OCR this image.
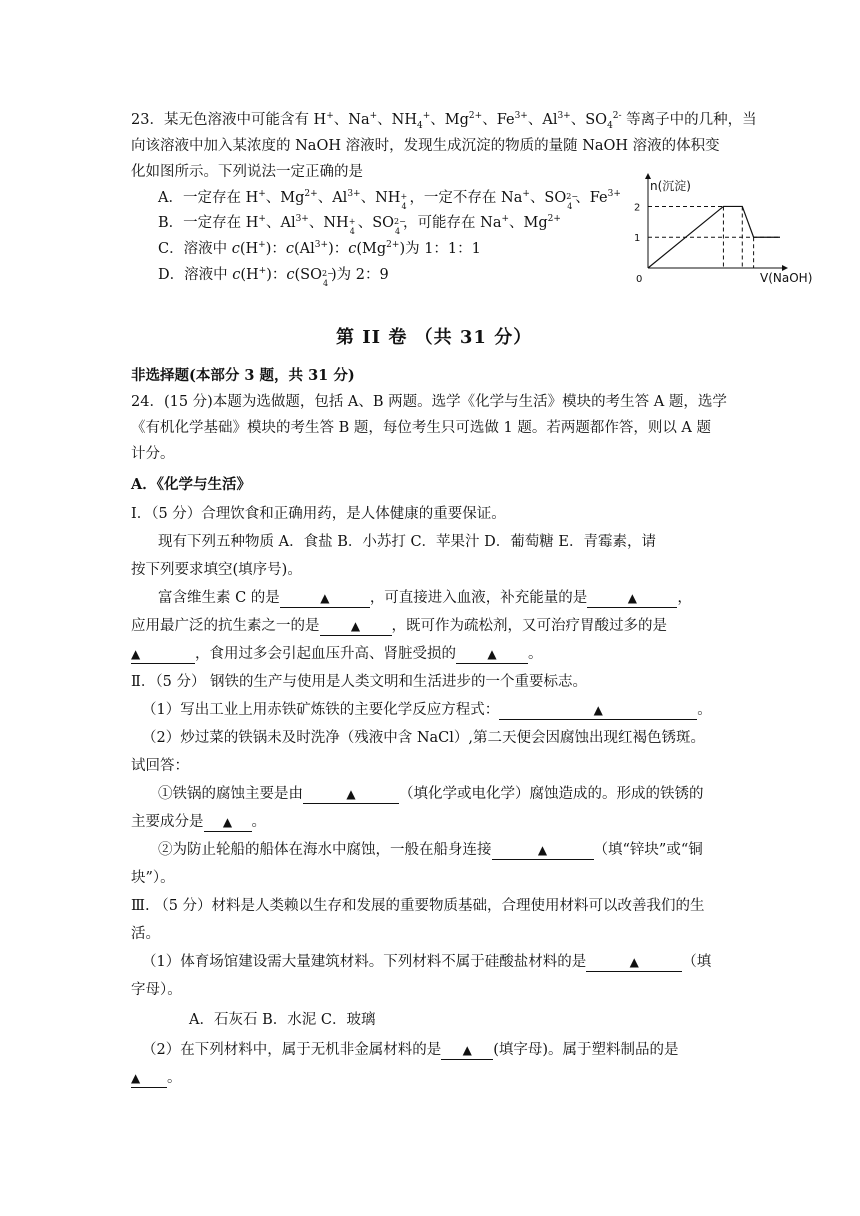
23．某无色溶液中可能含有 H+、Na+、$NH_4^+$、$Mg^{2+}$、$Fe^{3+}$、$Al^{3+}$、$SO_4^{2-}$ 等离子中的几种，当
向该溶液中加入某浓度的 NaOH 溶液时，发现生成沉淀的物质的量随 NaOH 溶液的体积变
化如图所示。下列说法一定正确的是
A．一定存在 H+、$Mg^{2+}$、$Al^{3+}$、NH +
4
，一定不存在 Na+、SO 2−
4
、$Fe^{3+}$
B．一定存在 H+、$Al^{3+}$、NH +
4
、SO 2−
4
，可能存在 Na+、$Mg^{2+}$
C．溶液中 c(H+)：$c(Al^{3+})$：$c(Mg^{2+})$为 1：1：1
D．溶液中 c(H+)：c(SO 2−
4
)为 2：9
n(沉淀)
V(NaOH)
0
1
2
第 II 卷 （共 31 分）
非选择题(本部分 3 题，共 31 分)
24．(15 分)本题为选做题，包括 A、B 两题。选学《化学与生活》模块的考生答 A 题，选学
《有机化学基础》模块的考生答 B 题，每位考生只可选做 1 题。若两题都作答，则以 A 题
计分。
A．《化学与生活》
Ⅰ．（5 分）合理饮食和正确用药，是人体健康的重要保证。
现有下列五种物质 A．食盐 B．小苏打 C．苹果汁 D．葡萄糖 E．青霉素，请
按下列要求填空(填序号)。
富含维生素 C 的是	▲	，可直接进入血液，补充能量的是	▲	，
应用最广泛的抗生素之一的是	▲ ，既可作为疏松剂，又可治疗胃酸过多的是
▲	，食用过多会引起血压升高、肾脏受损的	▲ 。
Ⅱ．（5 分） 钢铁的生产与使用是人类文明和生活进步的一个重要标志。
（1）写出工业上用赤铁矿炼铁的主要化学反应方程式：	▲	。
（2）炒过菜的铁锅未及时洗净（残液中含 NaCl）,第二天便会因腐蚀出现红褐色锈斑。
试回答：
①铁锅的腐蚀主要是由	▲	（填化学或电化学）腐蚀造成的。形成的铁锈的
主要成分是 ▲ 。
②为防止轮船的船体在海水中腐蚀，一般在船身连接	▲	（填“锌块”或“铜
块”）。
Ⅲ. （5 分）材料是人类赖以生存和发展的重要物质基础，合理使用材料可以改善我们的生
活。
（1）体育场馆建设需大量建筑材料。下列材料不属于硅酸盐材料的是	▲	（填
字母）。
A．石灰石 B．水泥 C．玻璃
（2）在下列材料中，属于无机非金属材料的是 ▲ (填字母)。属于塑料制品的是
▲ 。
